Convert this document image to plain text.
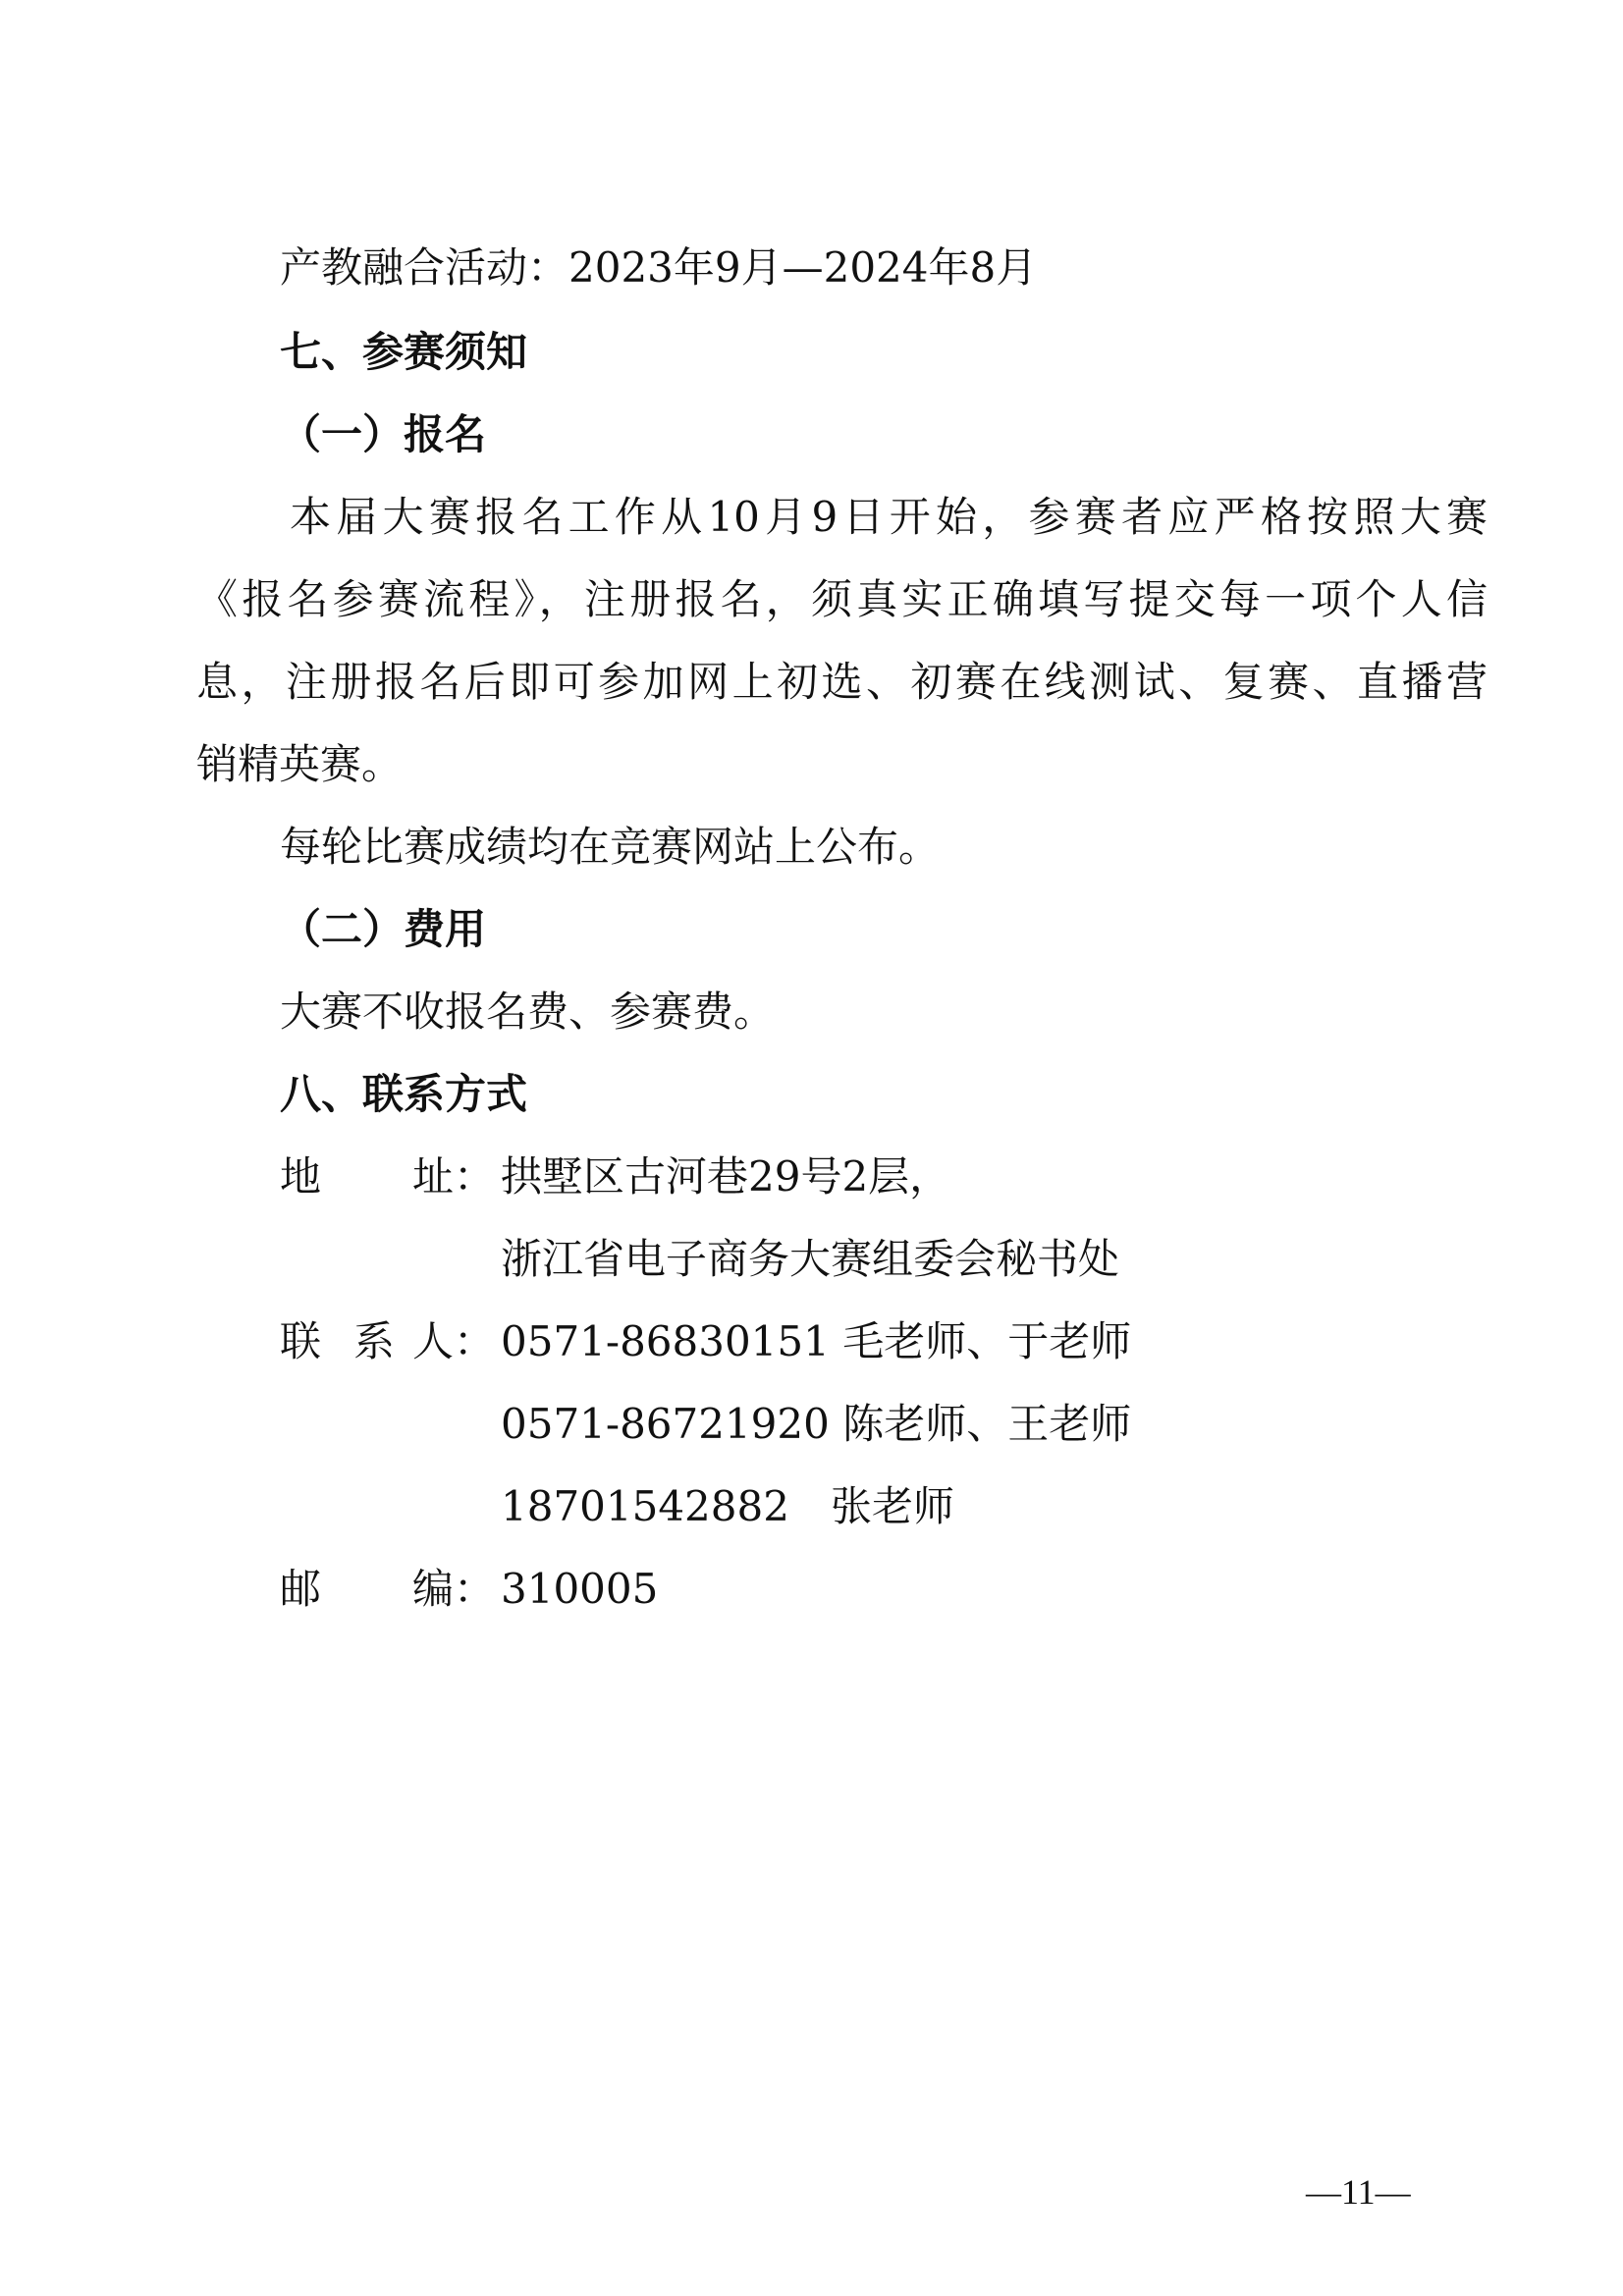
产教融合活动：2023年9月—2024年8月
七、参赛须知
（一）报名
本届大赛报名工作从10月9日开始，参赛者应严格按照大赛
《报名参赛流程》，注册报名，须真实正确填写提交每一项个人信
息，注册报名后即可参加网上初选、初赛在线测试、复赛、直播营
销精英赛。
每轮比赛成绩均在竞赛网站上公布。
（二）费用
大赛不收报名费、参赛费。
八、联系方式
地 址： 拱墅区古河巷29号2层，
浙江省电子商务大赛组委会秘书处
联 系 人： 0571-86830151 毛老师、于老师
0571-86721920 陈老师、王老师
18701542882　张老师
邮 编： 310005
—11—
